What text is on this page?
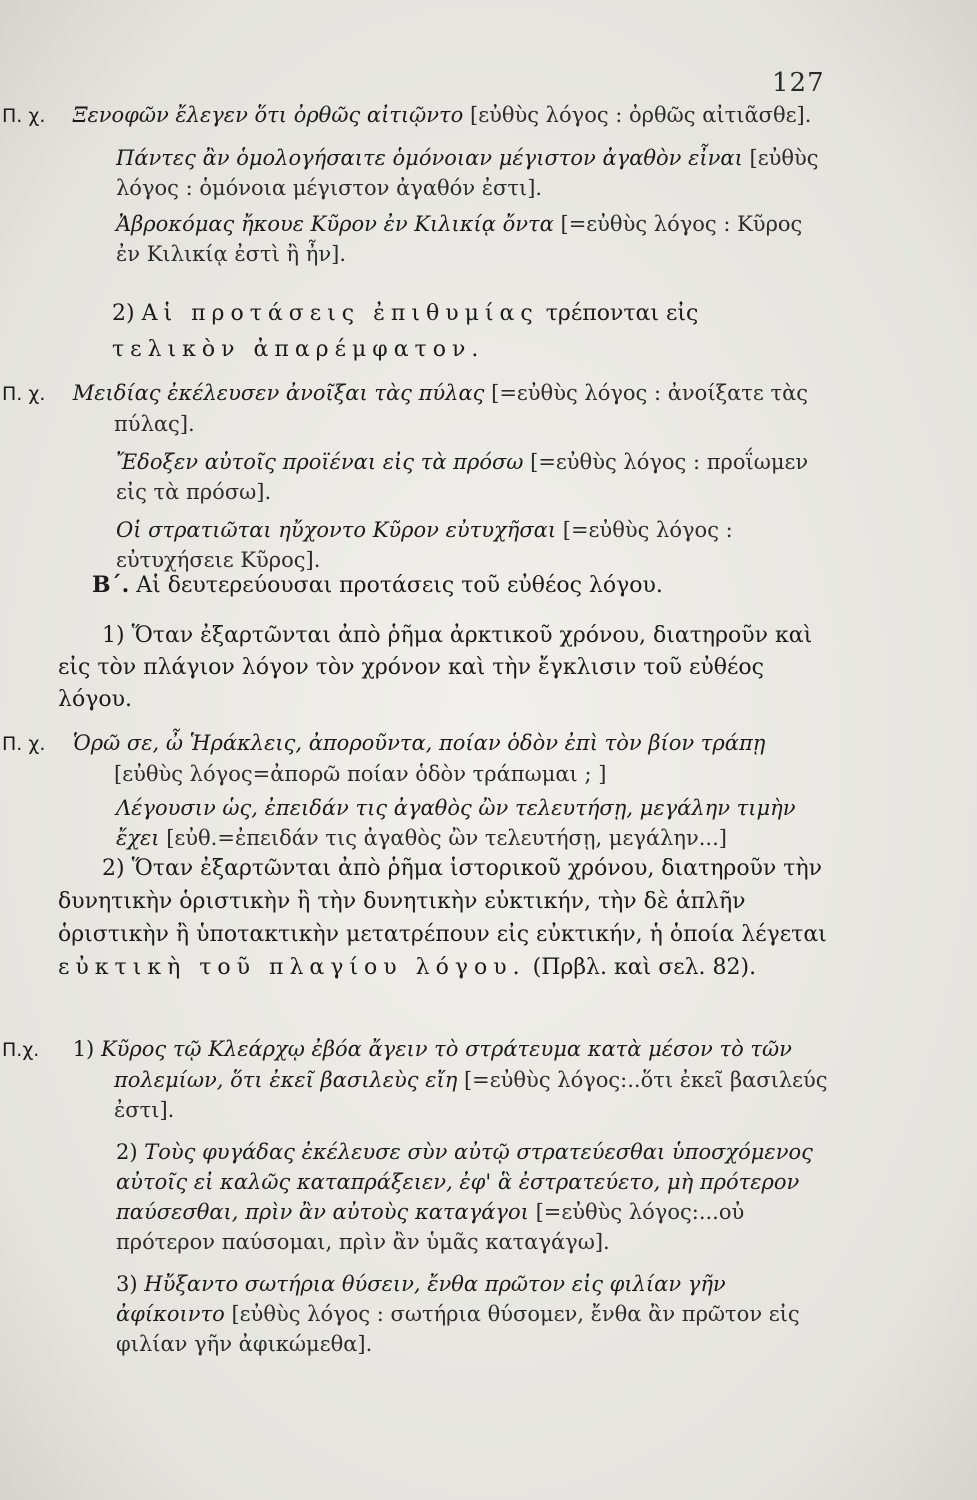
127

Π. χ. Ξενοφῶν ἔλεγεν ὅτι ὀρθῶς αἰτιῷντο [εὐθὺς λόγος : ὀρθῶς αἰτιᾶσθε].

Πάντες ἂν ὁμολογήσαιτε ὁμόνοιαν μέγιστον ἀγαθὸν εἶναι [εὐθὺς λόγος : ὁμόνοια μέγιστον ἀγαθόν ἐστι].

Ἀβροκόμας ἤκουε Κῦρον ἐν Κιλικίᾳ ὄντα [=εὐθὺς λόγος : Κῦρος ἐν Κιλικίᾳ ἐστὶ ἢ ἦν].

2) Αἱ προτάσεις ἐπιθυμίας τρέπονται εἰς τελικὸν ἀπαρέμφατον.

Π. χ. Μειδίας ἐκέλευσεν ἀνοῖξαι τὰς πύλας [=εὐθὺς λόγος : ἀνοίξατε τὰς πύλας].

Ἔδοξεν αὐτοῖς προϊέναι εἰς τὰ πρόσω [=εὐθὺς λόγος : προΐωμεν εἰς τὰ πρόσω].

Οἱ στρατιῶται ηὔχοντο Κῦρον εὐτυχῆσαι [=εὐθὺς λόγος : εὐτυχήσειε Κῦρος].

Β΄. Αἱ δευτερεύουσαι προτάσεις τοῦ εὐθέος λόγου.

1) Ὅταν ἐξαρτῶνται ἀπὸ ῥῆμα ἀρκτικοῦ χρόνου, διατηροῦν καὶ εἰς τὸν πλάγιον λόγον τὸν χρόνον καὶ τὴν ἔγκλισιν τοῦ εὐθέος λόγου.

Π. χ. Ὁρῶ σε, ὦ Ἡράκλεις, ἀποροῦντα, ποίαν ὁδὸν ἐπὶ τὸν βίον τράπῃ [εὐθὺς λόγος=ἀπορῶ ποίαν ὁδὸν τράπωμαι ; ]

Λέγουσιν ὡς, ἐπειδάν τις ἀγαθὸς ὢν τελευτήσῃ, μεγάλην τιμὴν ἔχει [εὐθ.=ἐπειδάν τις ἀγαθὸς ὢν τελευτήσῃ, μεγάλην...]

2) Ὅταν ἐξαρτῶνται ἀπὸ ῥῆμα ἱστορικοῦ χρόνου, διατηροῦν τὴν δυνητικὴν ὁριστικὴν ἢ τὴν δυνητικὴν εὐκτικήν, τὴν δὲ ἁπλῆν ὁριστικὴν ἢ ὑποτακτικὴν μετατρέπουν εἰς εὐκτικήν, ἡ ὁποία λέγεται εὐκτικὴ τοῦ πλαγίου λόγου. (Πρβλ. καὶ σελ. 82).

Π.χ. 1) Κῦρος τῷ Κλεάρχῳ ἐβόα ἄγειν τὸ στράτευμα κατὰ μέσον τὸ τῶν πολεμίων, ὅτι ἐκεῖ βασιλεὺς εἴη [=εὐθὺς λόγος:..ὅτι ἐκεῖ βασιλεύς ἐστι].

2) Τοὺς φυγάδας ἐκέλευσε σὺν αὐτῷ στρατεύεσθαι ὑποσχόμενος αὐτοῖς εἰ καλῶς καταπράξειεν, ἐφ' ἃ ἐστρατεύετο, μὴ πρότερον παύσεσθαι, πρὶν ἂν αὐτοὺς καταγάγοι [=εὐθὺς λόγος:...οὐ πρότερον παύσομαι, πρὶν ἂν ὑμᾶς καταγάγω].

3) Ηὔξαντο σωτήρια θύσειν, ἔνθα πρῶτον εἰς φιλίαν γῆν ἀφίκοιντο [εὐθὺς λόγος : σωτήρια θύσομεν, ἔνθα ἂν πρῶτον εἰς φιλίαν γῆν ἀφικώμεθα].
